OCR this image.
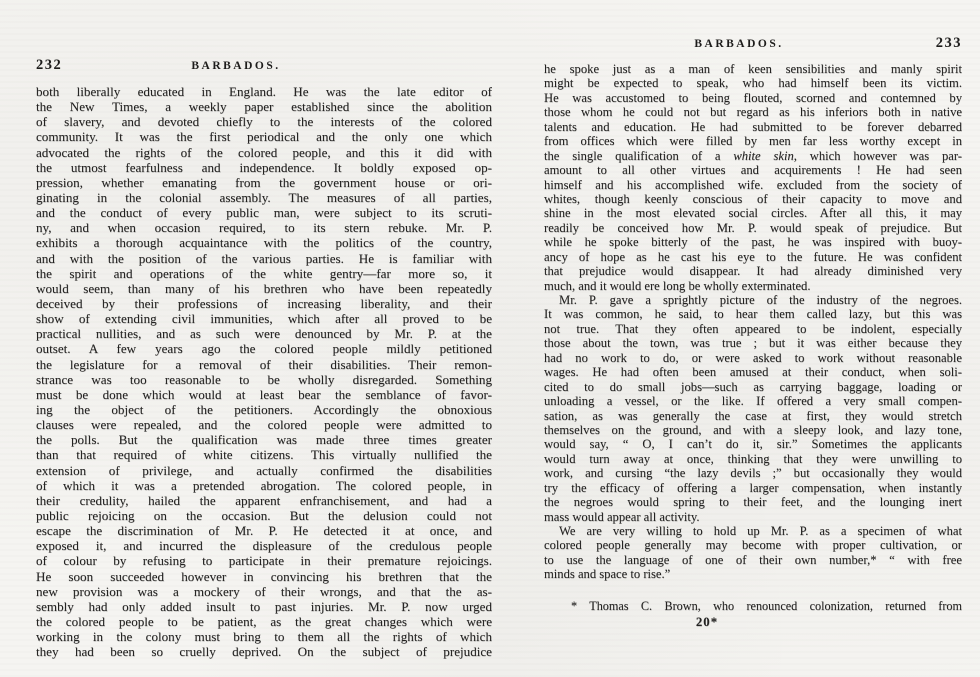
232	BARBADOS.
both liberally educated in England. He was the late editor of
the New Times, a weekly paper established since the abolition
of slavery, and devoted chiefly to the interests of the colored
community. It was the first periodical and the only one which
advocated the rights of the colored people, and this it did with
the utmost fearfulness and independence. It boldly exposed op-
pression, whether emanating from the government house or ori-
ginating in the colonial assembly. The measures of all parties,
and the conduct of every public man, were subject to its scruti-
ny, and when occasion required, to its stern rebuke. Mr. P.
exhibits a thorough acquaintance with the politics of the country,
and with the position of the various parties. He is familiar with
the spirit and operations of the white gentry—far more so, it
would seem, than many of his brethren who have been repeatedly
deceived by their professions of increasing liberality, and their
show of extending civil immunities, which after all proved to be
practical nullities, and as such were denounced by Mr. P. at the
outset. A few years ago the colored people mildly petitioned
the legislature for a removal of their disabilities. Their remon-
strance was too reasonable to be wholly disregarded. Something
must be done which would at least bear the semblance of favor-
ing the object of the petitioners. Accordingly the obnoxious
clauses were repealed, and the colored people were admitted to
the polls. But the qualification was made three times greater
than that required of white citizens. This virtually nullified the
extension of privilege, and actually confirmed the disabilities
of which it was a pretended abrogation. The colored people, in
their credulity, hailed the apparent enfranchisement, and had a
public rejoicing on the occasion. But the delusion could not
escape the discrimination of Mr. P. He detected it at once, and
exposed it, and incurred the displeasure of the credulous people
of colour by refusing to participate in their premature rejoicings.
He soon succeeded however in convincing his brethren that the
new provision was a mockery of their wrongs, and that the as-
sembly had only added insult to past injuries. Mr. P. now urged
the colored people to be patient, as the great changes which were
working in the colony must bring to them all the rights of which
they had been so cruelly deprived. On the subject of prejudice
BARBADOS.	233
he spoke just as a man of keen sensibilities and manly spirit
might be expected to speak, who had himself been its victim.
He was accustomed to being flouted, scorned and contemned by
those whom he could not but regard as his inferiors both in native
talents and education. He had submitted to be forever debarred
from offices which were filled by men far less worthy except in
the single qualification of a white skin, which however was par-
amount to all other virtues and acquirements ! He had seen
himself and his accomplished wife. excluded from the society of
whites, though keenly conscious of their capacity to move and
shine in the most elevated social circles. After all this, it may
readily be conceived how Mr. P. would speak of prejudice. But
while he spoke bitterly of the past, he was inspired with buoy-
ancy of hope as he cast his eye to the future. He was confident
that prejudice would disappear. It had already diminished very
much, and it would ere long be wholly exterminated.
Mr. P. gave a sprightly picture of the industry of the negroes.
It was common, he said, to hear them called lazy, but this was
not true. That they often appeared to be indolent, especially
those about the town, was true ; but it was either because they
had no work to do, or were asked to work without reasonable
wages. He had often been amused at their conduct, when soli-
cited to do small jobs—such as carrying baggage, loading or
unloading a vessel, or the like. If offered a very small compen-
sation, as was generally the case at first, they would stretch
themselves on the ground, and with a sleepy look, and lazy tone,
would say, “ O, I can’t do it, sir.” Sometimes the applicants
would turn away at once, thinking that they were unwilling to
work, and cursing “the lazy devils ;” but occasionally they would
try the efficacy of offering a larger compensation, when instantly
the negroes would spring to their feet, and the lounging inert
mass would appear all activity.
We are very willing to hold up Mr. P. as a specimen of what
colored people generally may become with proper cultivation, or
to use the language of one of their own number,* “ with free
minds and space to rise.”
* Thomas C. Brown, who renounced colonization, returned from
20*
